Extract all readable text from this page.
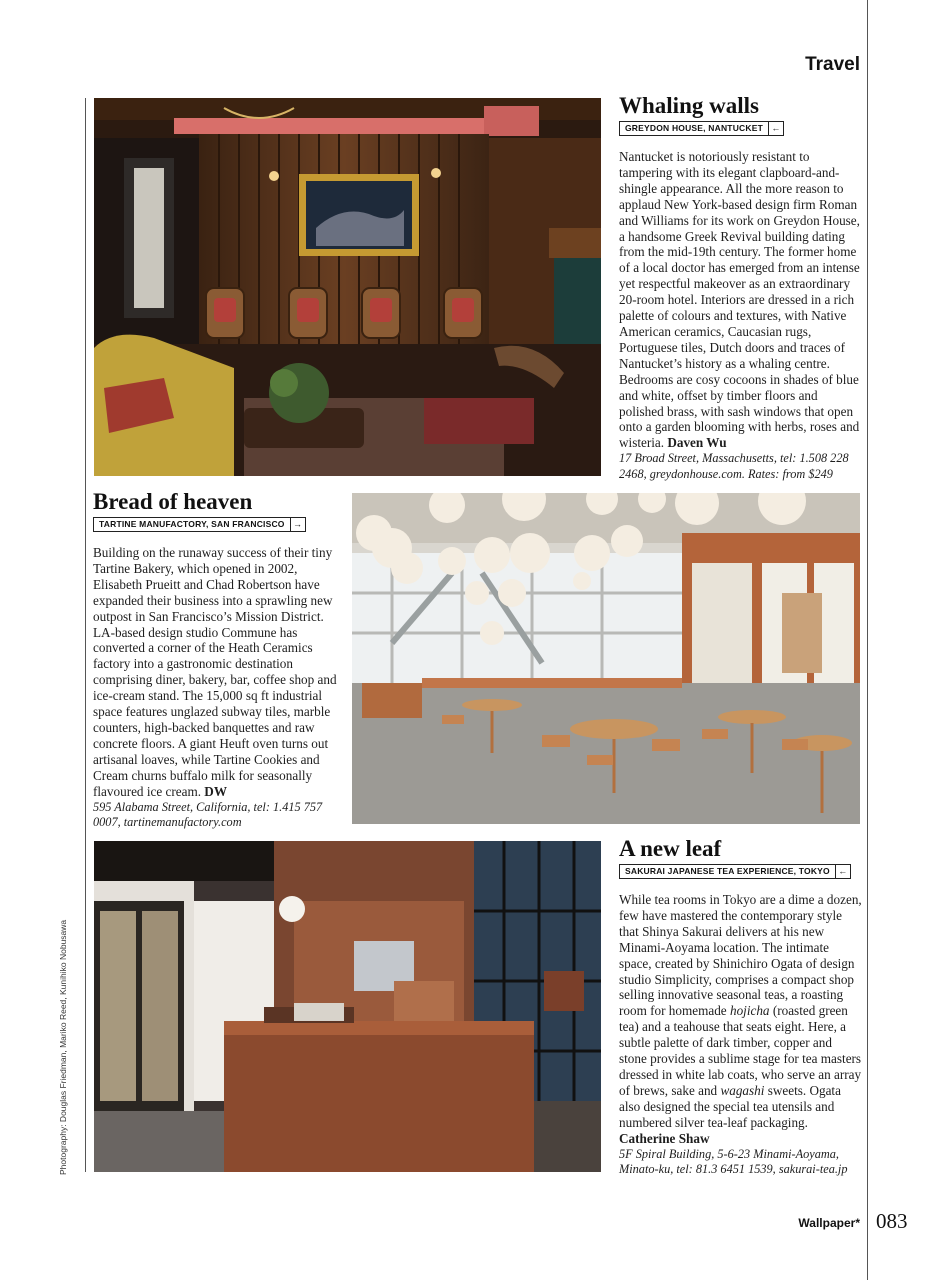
Travel
Whaling walls
GREYDON HOUSE, NANTUCKET ←
Nantucket is notoriously resistant to tampering with its elegant clapboard-and-shingle appearance. All the more reason to applaud New York-based design firm Roman and Williams for its work on Greydon House, a handsome Greek Revival building dating from the mid-19th century. The former home of a local doctor has emerged from an intense yet respectful makeover as an extraordinary 20-room hotel. Interiors are dressed in a rich palette of colours and textures, with Native American ceramics, Caucasian rugs, Portuguese tiles, Dutch doors and traces of Nantucket’s history as a whaling centre. Bedrooms are cosy cocoons in shades of blue and white, offset by timber floors and polished brass, with sash windows that open onto a garden blooming with herbs, roses and wisteria. Daven Wu
17 Broad Street, Massachusetts, tel: 1.508 228 2468, greydonhouse.com. Rates: from $249
Bread of heaven
TARTINE MANUFACTORY, SAN FRANCISCO →
Building on the runaway success of their tiny Tartine Bakery, which opened in 2002, Elisabeth Prueitt and Chad Robertson have expanded their business into a sprawling new outpost in San Francisco’s Mission District. LA-based design studio Commune has converted a corner of the Heath Ceramics factory into a gastronomic destination comprising diner, bakery, bar, coffee shop and ice-cream stand. The 15,000 sq ft industrial space features unglazed subway tiles, marble counters, high-backed banquettes and raw concrete floors. A giant Heuft oven turns out artisanal loaves, while Tartine Cookies and Cream churns buffalo milk for seasonally flavoured ice cream. DW
595 Alabama Street, California, tel: 1.415 757 0007, tartinemanufactory.com
A new leaf
SAKURAI JAPANESE TEA EXPERIENCE, TOKYO ←
While tea rooms in Tokyo are a dime a dozen, few have mastered the contemporary style that Shinya Sakurai delivers at his new Minami-Aoyama location. The intimate space, created by Shinichiro Ogata of design studio Simplicity, comprises a compact shop selling innovative seasonal teas, a roasting room for homemade hojicha (roasted green tea) and a teahouse that seats eight. Here, a subtle palette of dark timber, copper and stone provides a sublime stage for tea masters dressed in white lab coats, who serve an array of brews, sake and wagashi sweets. Ogata also designed the special tea utensils and numbered silver tea-leaf packaging. Catherine Shaw
5F Spiral Building, 5-6-23 Minami-Aoyama, Minato-ku, tel: 81.3 6451 1539, sakurai-tea.jp
Photography: Douglas Friedman, Mariko Reed, Kunihiko Nobusawa
Wallpaper* 083
